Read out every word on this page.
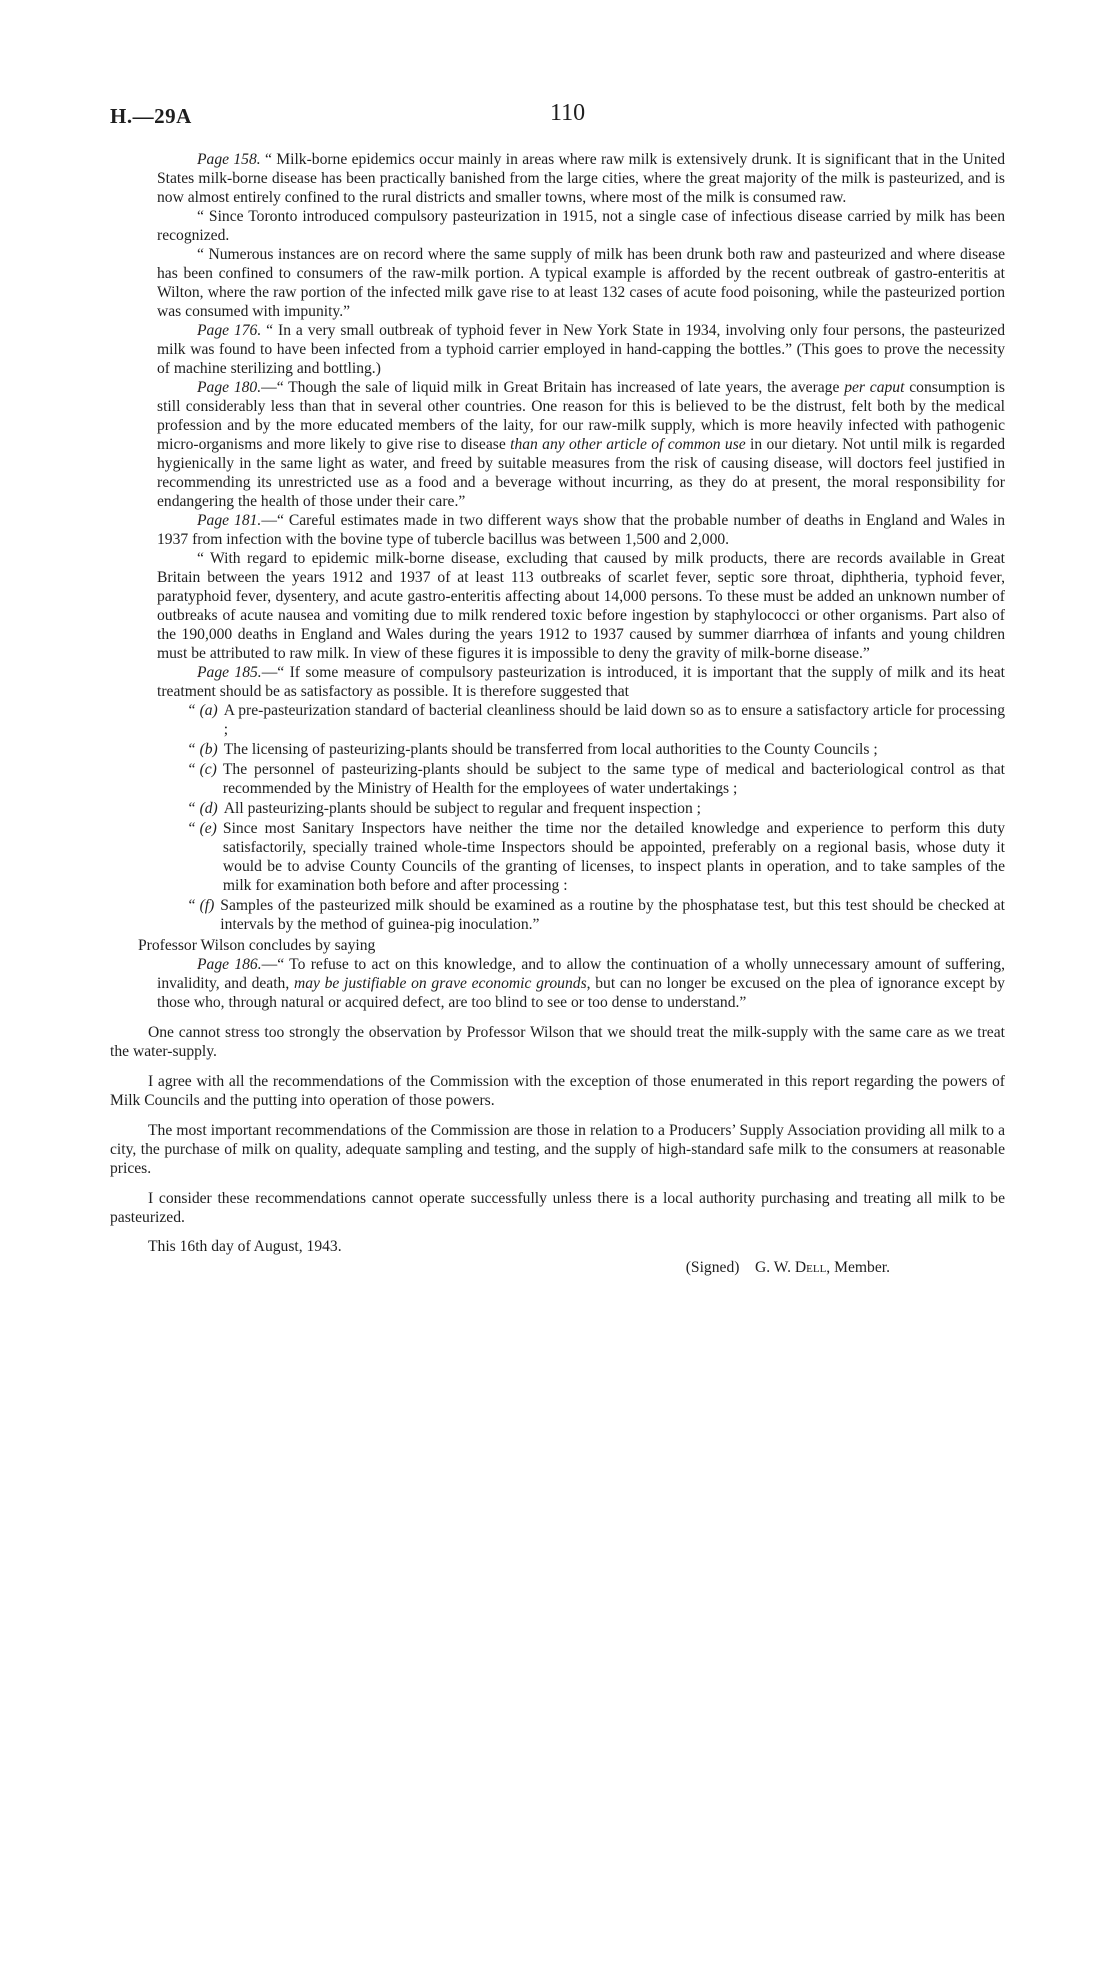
H.—29A	110

Page 158. “ Milk-borne epidemics occur mainly in areas where raw milk is extensively drunk. It is significant that in the United States milk-borne disease has been practically banished from the large cities, where the great majority of the milk is pasteurized, and is now almost entirely confined to the rural districts and smaller towns, where most of the milk is consumed raw.

“ Since Toronto introduced compulsory pasteurization in 1915, not a single case of infectious disease carried by milk has been recognized.

“ Numerous instances are on record where the same supply of milk has been drunk both raw and pasteurized and where disease has been confined to consumers of the raw-milk portion. A typical example is afforded by the recent outbreak of gastro-enteritis at Wilton, where the raw portion of the infected milk gave rise to at least 132 cases of acute food poisoning, while the pasteurized portion was consumed with impunity.”

Page 176. “ In a very small outbreak of typhoid fever in New York State in 1934, involving only four persons, the pasteurized milk was found to have been infected from a typhoid carrier employed in hand-capping the bottles.” (This goes to prove the necessity of machine sterilizing and bottling.)

Page 180.—“ Though the sale of liquid milk in Great Britain has increased of late years, the average per caput consumption is still considerably less than that in several other countries. One reason for this is believed to be the distrust, felt both by the medical profession and by the more educated members of the laity, for our raw-milk supply, which is more heavily infected with pathogenic micro-organisms and more likely to give rise to disease than any other article of common use in our dietary. Not until milk is regarded hygienically in the same light as water, and freed by suitable measures from the risk of causing disease, will doctors feel justified in recommending its unrestricted use as a food and a beverage without incurring, as they do at present, the moral responsibility for endangering the health of those under their care.”

Page 181.—“ Careful estimates made in two different ways show that the probable number of deaths in England and Wales in 1937 from infection with the bovine type of tubercle bacillus was between 1,500 and 2,000.

“ With regard to epidemic milk-borne disease, excluding that caused by milk products, there are records available in Great Britain between the years 1912 and 1937 of at least 113 outbreaks of scarlet fever, septic sore throat, diphtheria, typhoid fever, paratyphoid fever, dysentery, and acute gastro-enteritis affecting about 14,000 persons. To these must be added an unknown number of outbreaks of acute nausea and vomiting due to milk rendered toxic before ingestion by staphylococci or other organisms. Part also of the 190,000 deaths in England and Wales during the years 1912 to 1937 caused by summer diarrhœa of infants and young children must be attributed to raw milk. In view of these figures it is impossible to deny the gravity of milk-borne disease.”

Page 185.—“ If some measure of compulsory pasteurization is introduced, it is important that the supply of milk and its heat treatment should be as satisfactory as possible. It is therefore suggested that

“ (a) A pre-pasteurization standard of bacterial cleanliness should be laid down so as to ensure a satisfactory article for processing ;
“ (b) The licensing of pasteurizing-plants should be transferred from local authorities to the County Councils ;
“ (c) The personnel of pasteurizing-plants should be subject to the same type of medical and bacteriological control as that recommended by the Ministry of Health for the employees of water undertakings ;
“ (d) All pasteurizing-plants should be subject to regular and frequent inspection ;
“ (e) Since most Sanitary Inspectors have neither the time nor the detailed knowledge and experience to perform this duty satisfactorily, specially trained whole-time Inspectors should be appointed, preferably on a regional basis, whose duty it would be to advise County Councils of the granting of licenses, to inspect plants in operation, and to take samples of the milk for examination both before and after processing :
“ (f) Samples of the pasteurized milk should be examined as a routine by the phosphatase test, but this test should be checked at intervals by the method of guinea-pig inoculation.”

Professor Wilson concludes by saying

Page 186.—“ To refuse to act on this knowledge, and to allow the continuation of a wholly unnecessary amount of suffering, invalidity, and death, may be justifiable on grave economic grounds, but can no longer be excused on the plea of ignorance except by those who, through natural or acquired defect, are too blind to see or too dense to understand.”

One cannot stress too strongly the observation by Professor Wilson that we should treat the milk-supply with the same care as we treat the water-supply.

I agree with all the recommendations of the Commission with the exception of those enumerated in this report regarding the powers of Milk Councils and the putting into operation of those powers.

The most important recommendations of the Commission are those in relation to a Producers’ Supply Association providing all milk to a city, the purchase of milk on quality, adequate sampling and testing, and the supply of high-standard safe milk to the consumers at reasonable prices.

I consider these recommendations cannot operate successfully unless there is a local authority purchasing and treating all milk to be pasteurized.

This 16th day of August, 1943.

(Signed) G. W. Dell, Member.
